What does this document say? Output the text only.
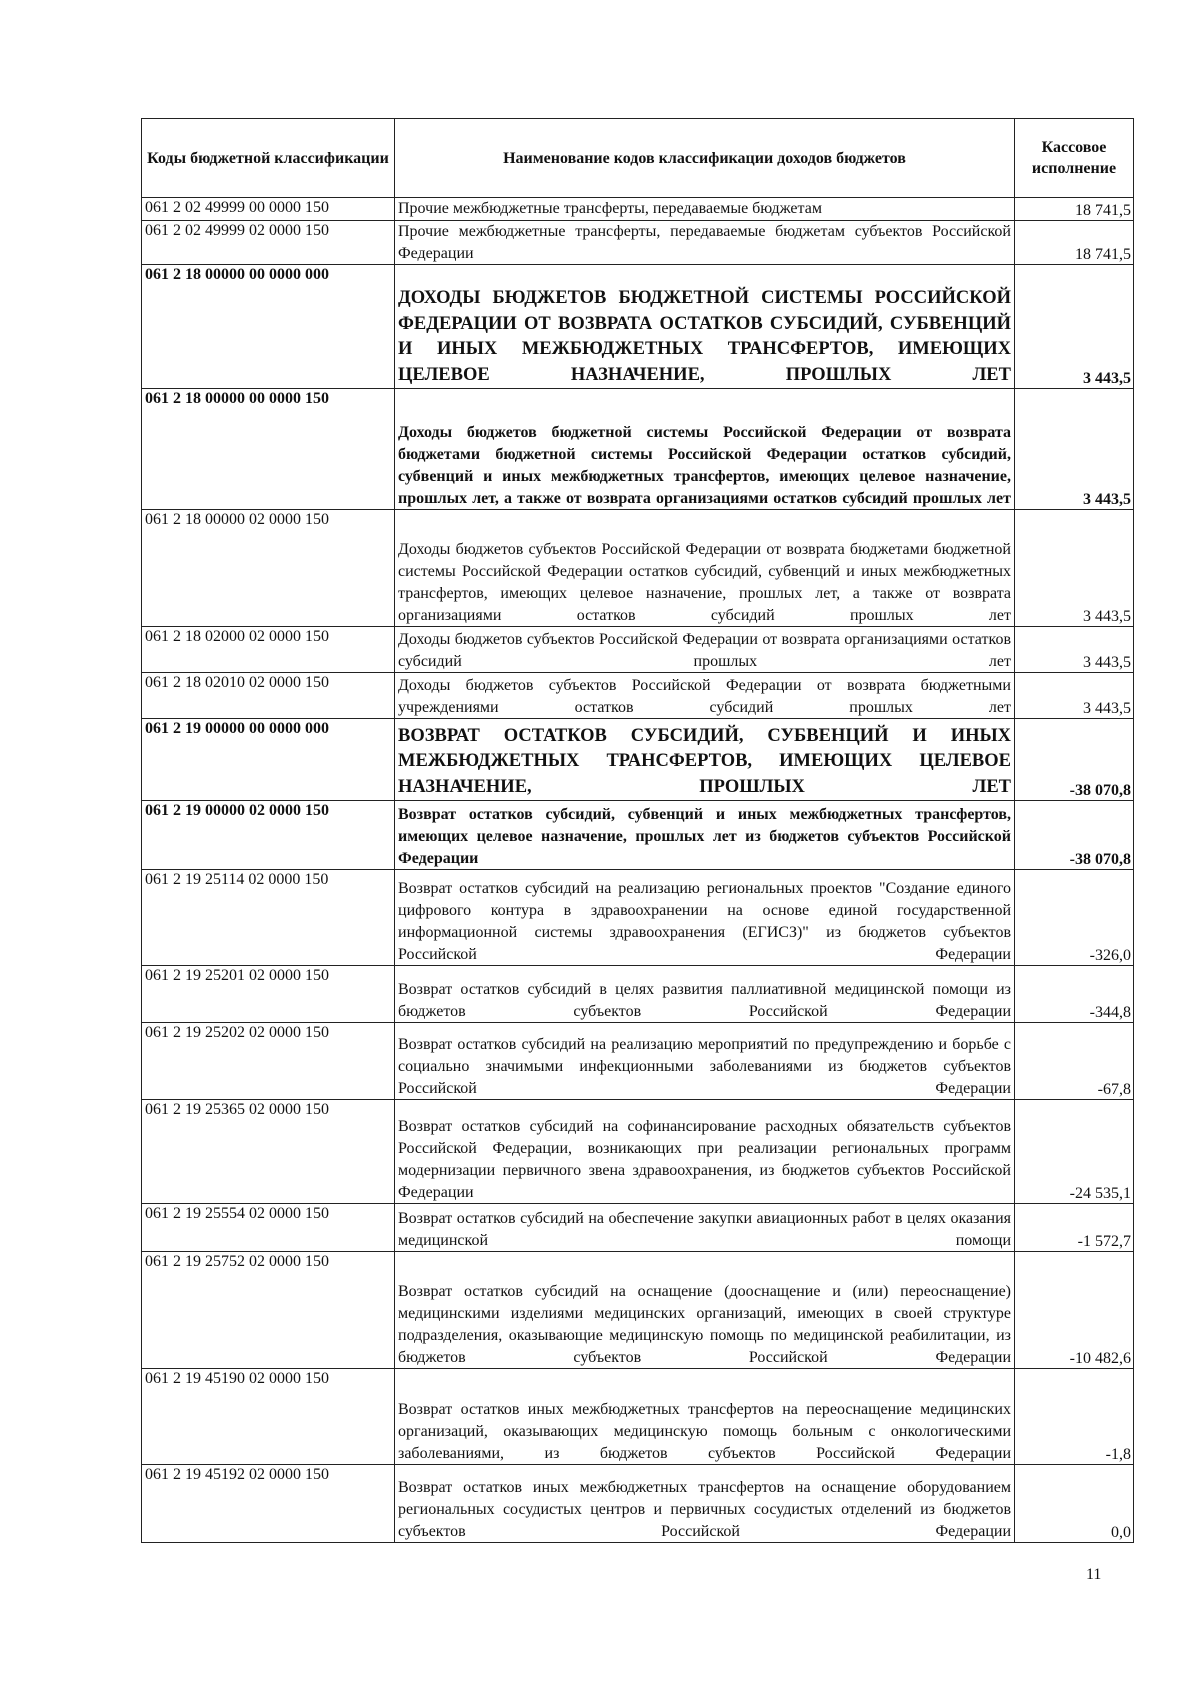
Коды бюджетной классификации	Наименование кодов классификации доходов бюджетов	Кассовое исполнение
061 2 02 49999 00 0000 150	Прочие межбюджетные трансферты, передаваемые бюджетам	18 741,5
061 2 02 49999 02 0000 150	Прочие межбюджетные трансферты, передаваемые бюджетам субъектов Российской Федерации	18 741,5
061 2 18 00000 00 0000 000	ДОХОДЫ БЮДЖЕТОВ БЮДЖЕТНОЙ СИСТЕМЫ РОССИЙСКОЙ ФЕДЕРАЦИИ ОТ ВОЗВРАТА ОСТАТКОВ СУБСИДИЙ, СУБВЕНЦИЙ И ИНЫХ МЕЖБЮДЖЕТНЫХ ТРАНСФЕРТОВ, ИМЕЮЩИХ ЦЕЛЕВОЕ НАЗНАЧЕНИЕ, ПРОШЛЫХ ЛЕТ	3 443,5
061 2 18 00000 00 0000 150	Доходы бюджетов бюджетной системы Российской Федерации от возврата бюджетами бюджетной системы Российской Федерации остатков субсидий, субвенций и иных межбюджетных трансфертов, имеющих целевое назначение, прошлых лет, а также от возврата организациями остатков субсидий прошлых лет	3 443,5
061 2 18 00000 02 0000 150	Доходы бюджетов субъектов Российской Федерации от возврата бюджетами бюджетной системы Российской Федерации остатков субсидий, субвенций и иных межбюджетных трансфертов, имеющих целевое назначение, прошлых лет, а также от возврата организациями остатков субсидий прошлых лет	3 443,5
061 2 18 02000 02 0000 150	Доходы бюджетов субъектов Российской Федерации от возврата организациями остатков субсидий прошлых лет	3 443,5
061 2 18 02010 02 0000 150	Доходы бюджетов субъектов Российской Федерации от возврата бюджетными учреждениями остатков субсидий прошлых лет	3 443,5
061 2 19 00000 00 0000 000	ВОЗВРАТ ОСТАТКОВ СУБСИДИЙ, СУБВЕНЦИЙ И ИНЫХ МЕЖБЮДЖЕТНЫХ ТРАНСФЕРТОВ, ИМЕЮЩИХ ЦЕЛЕВОЕ НАЗНАЧЕНИЕ, ПРОШЛЫХ ЛЕТ	-38 070,8
061 2 19 00000 02 0000 150	Возврат остатков субсидий, субвенций и иных межбюджетных трансфертов, имеющих целевое назначение, прошлых лет из бюджетов субъектов Российской Федерации	-38 070,8
061 2 19 25114 02 0000 150	Возврат остатков субсидий на реализацию региональных проектов "Создание единого цифрового контура в здравоохранении на основе единой государственной информационной системы здравоохранения (ЕГИСЗ)" из бюджетов субъектов Российской Федерации	-326,0
061 2 19 25201 02 0000 150	Возврат остатков субсидий в целях развития паллиативной медицинской помощи из бюджетов субъектов Российской Федерации	-344,8
061 2 19 25202 02 0000 150	Возврат остатков субсидий на реализацию мероприятий по предупреждению и борьбе с социально значимыми инфекционными заболеваниями из бюджетов субъектов Российской Федерации	-67,8
061 2 19 25365 02 0000 150	Возврат остатков субсидий на софинансирование расходных обязательств субъектов Российской Федерации, возникающих при реализации региональных программ модернизации первичного звена здравоохранения, из бюджетов субъектов Российской Федерации	-24 535,1
061 2 19 25554 02 0000 150	Возврат остатков субсидий на обеспечение закупки авиационных работ в целях оказания медицинской помощи	-1 572,7
061 2 19 25752 02 0000 150	Возврат остатков субсидий на оснащение (дооснащение и (или) переоснащение) медицинскими изделиями медицинских организаций, имеющих в своей структуре подразделения, оказывающие медицинскую помощь по медицинской реабилитации, из бюджетов субъектов Российской Федерации	-10 482,6
061 2 19 45190 02 0000 150	Возврат остатков иных межбюджетных трансфертов на переоснащение медицинских организаций, оказывающих медицинскую помощь больным с онкологическими заболеваниями, из бюджетов субъектов Российской Федерации	-1,8
061 2 19 45192 02 0000 150	Возврат остатков иных межбюджетных трансфертов на оснащение оборудованием региональных сосудистых центров и первичных сосудистых отделений из бюджетов субъектов Российской Федерации	0,0
11
